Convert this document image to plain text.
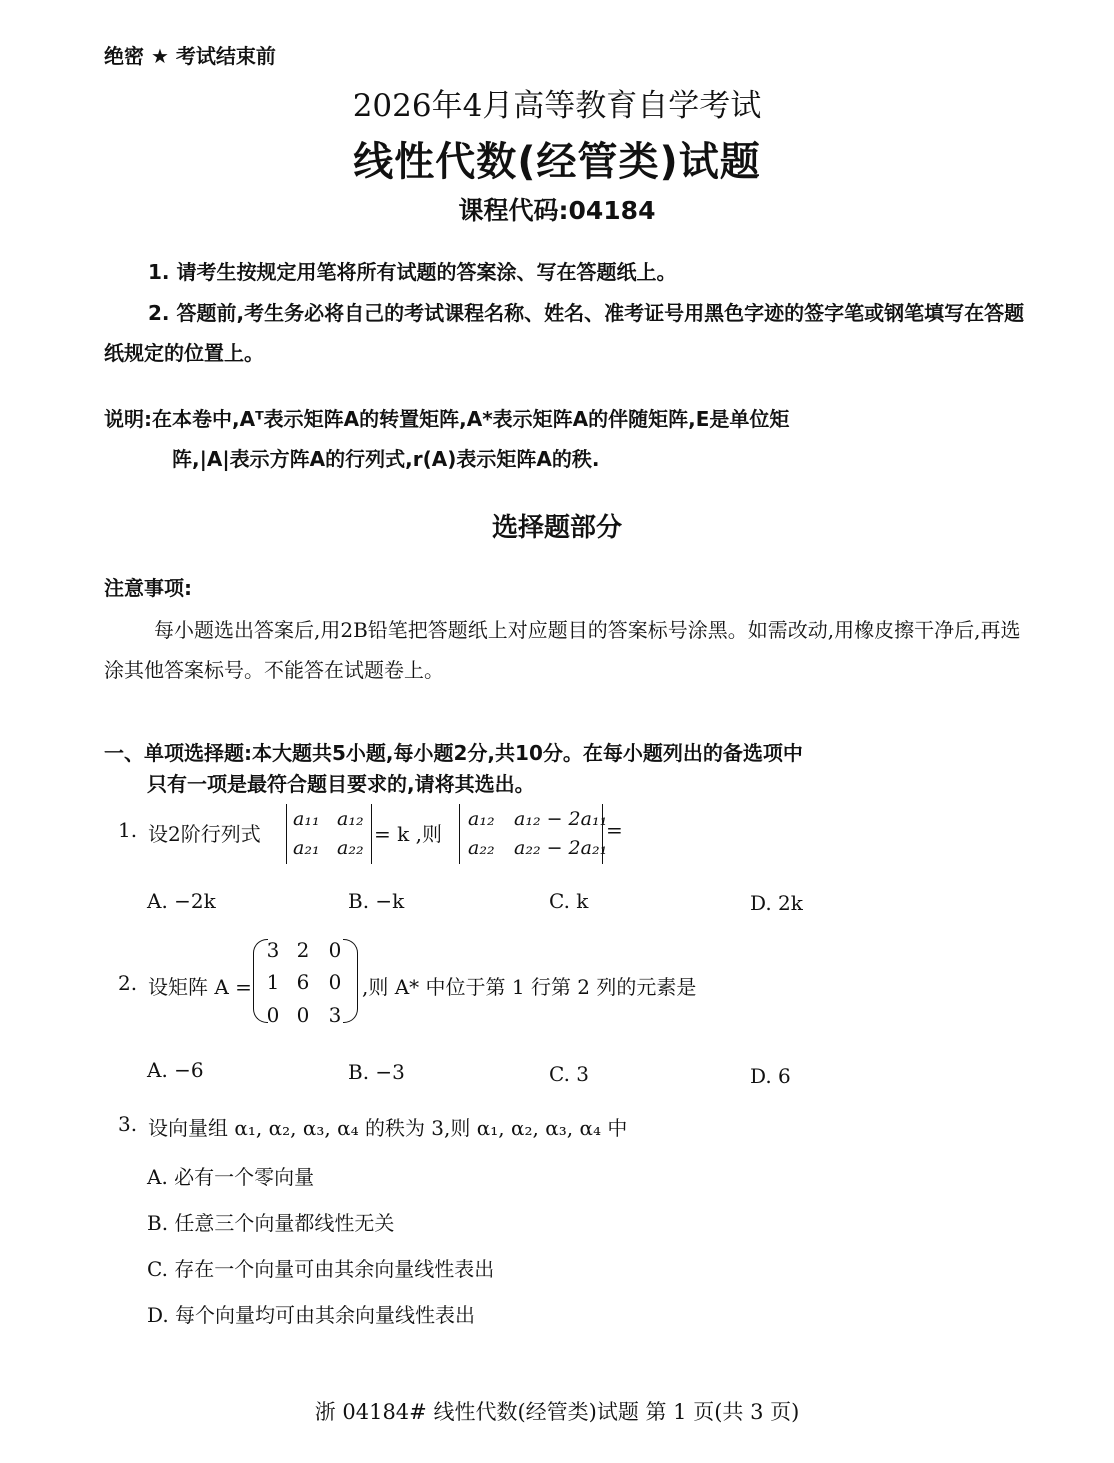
绝密 ★ 考试结束前
2026年4月高等教育自学考试
线性代数(经管类)试题
课程代码:04184
1. 请考生按规定用笔将所有试题的答案涂、写在答题纸上。
2. 答题前,考生务必将自己的考试课程名称、姓名、准考证号用黑色字迹的签字笔或钢笔填写在答题纸规定的位置上。
说明:在本卷中,Aᵀ表示矩阵A的转置矩阵,A*表示矩阵A的伴随矩阵,E是单位矩
阵,|A|表示方阵A的行列式,r(A)表示矩阵A的秩.
选择题部分
注意事项:
每小题选出答案后,用2B铅笔把答题纸上对应题目的答案标号涂黑。如需改动,用橡皮擦干净后,再选涂其他答案标号。不能答在试题卷上。
一、单项选择题:本大题共5小题,每小题2分,共10分。在每小题列出的备选项中
只有一项是最符合题目要求的,请将其选出。
1. 设2阶行列式
a₁₁ a₁₂
a₂₁ a₂₂
= k ,则
a₁₂ a₁₂ − 2a₁₁
a₂₂ a₂₂ − 2a₂₁
=
A. −2k	B. −k	C. k	D. 2k
2. 设矩阵 A =
3 2 0
1 6 0
0 0 3
,则 A* 中位于第 1 行第 2 列的元素是
A. −6	B. −3	C. 3	D. 6
3. 设向量组 α₁, α₂, α₃, α₄ 的秩为 3,则 α₁, α₂, α₃, α₄ 中
A. 必有一个零向量
B. 任意三个向量都线性无关
C. 存在一个向量可由其余向量线性表出
D. 每个向量均可由其余向量线性表出
浙 04184# 线性代数(经管类)试题 第 1 页(共 3 页)
